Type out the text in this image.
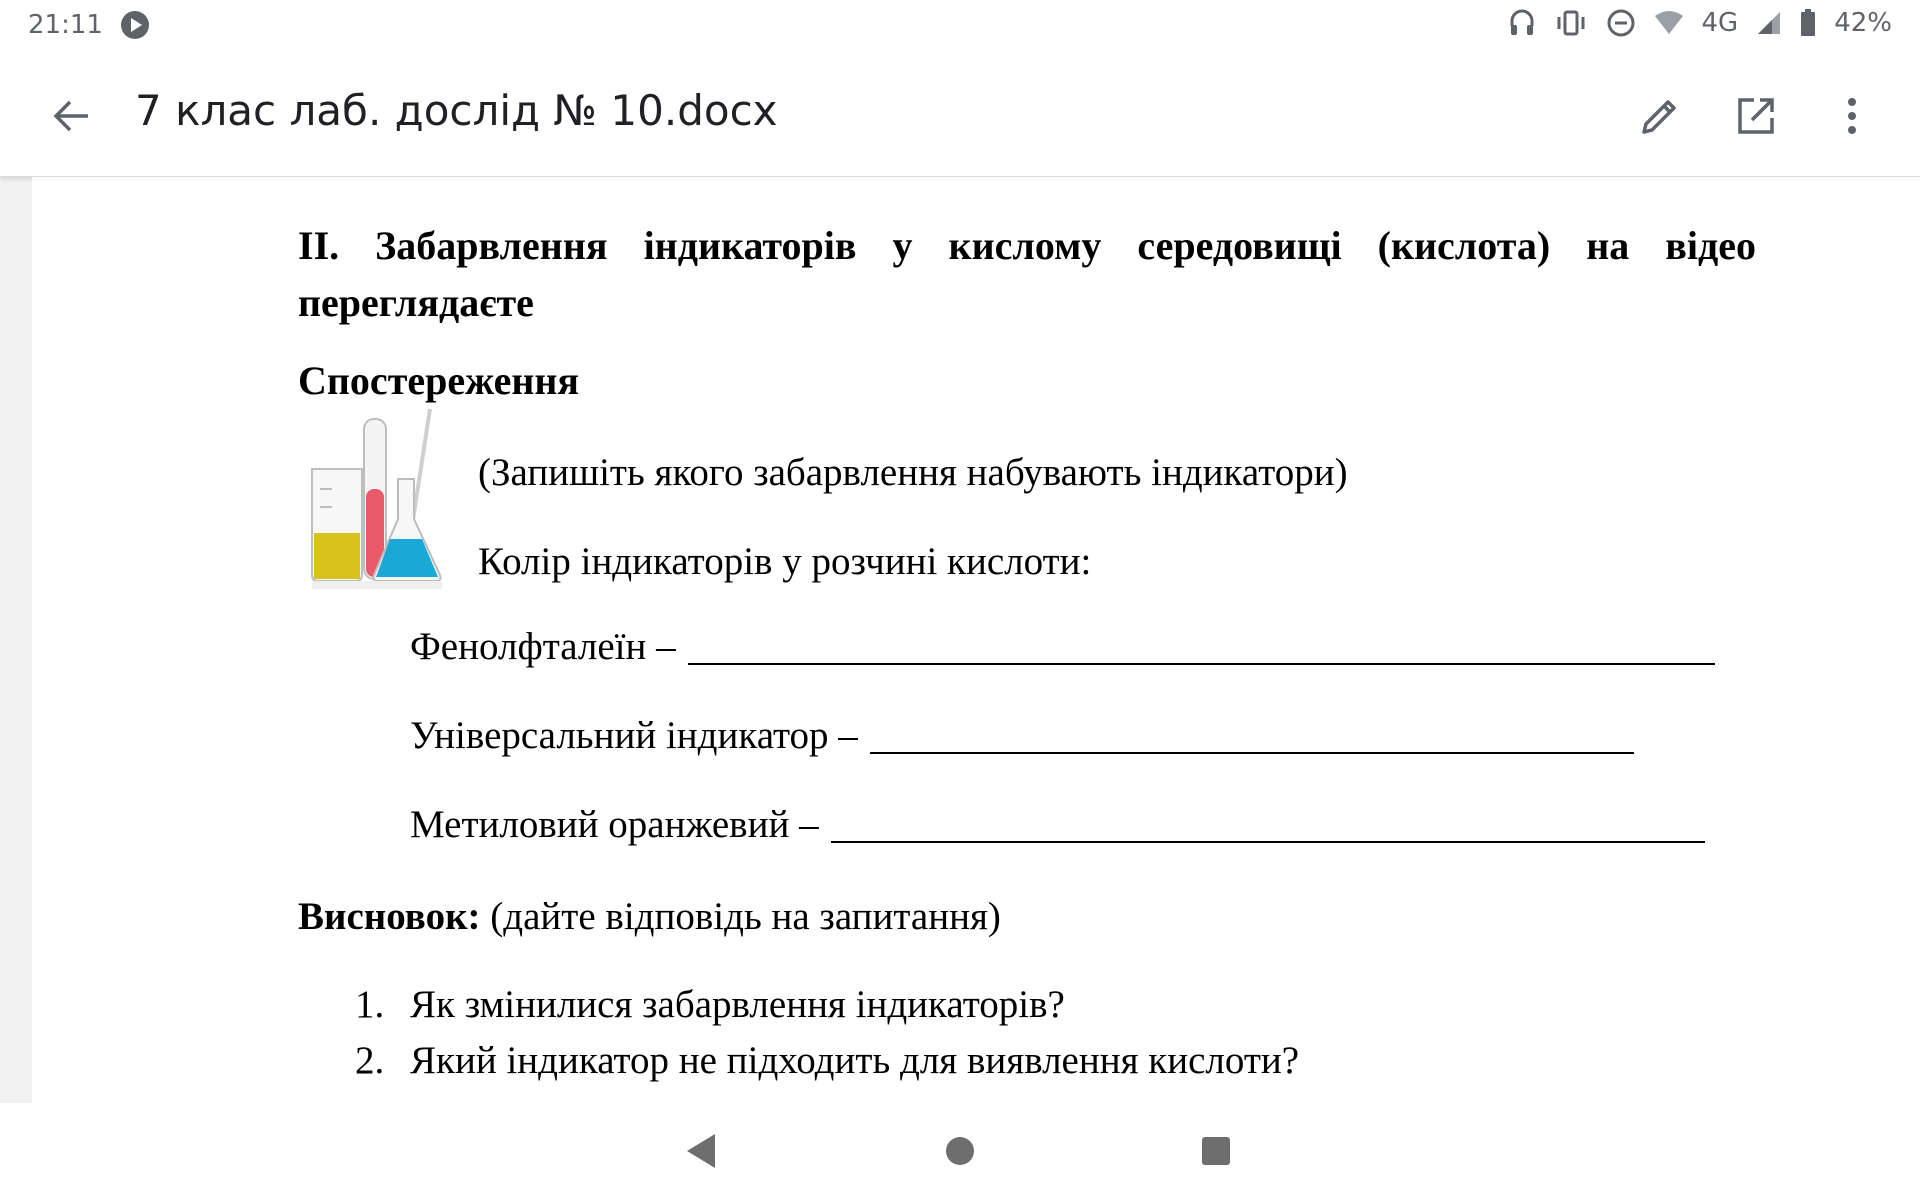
21:11	4G	42%
7 клас лаб. дослід № 10.docx
ІІ. Забарвлення індикаторів у кислому середовищі (кислота) на відео переглядаєте
Спостереження
(Запишіть якого забарвлення набувають індикатори)
Колір індикаторів у розчині кислоти:
Фенолфталеїн –
Універсальний індикатор –
Метиловий оранжевий –
Висновок: (дайте відповідь на запитання)
1. Як змінилися забарвлення індикаторів?
2. Який індикатор не підходить для виявлення кислоти?
